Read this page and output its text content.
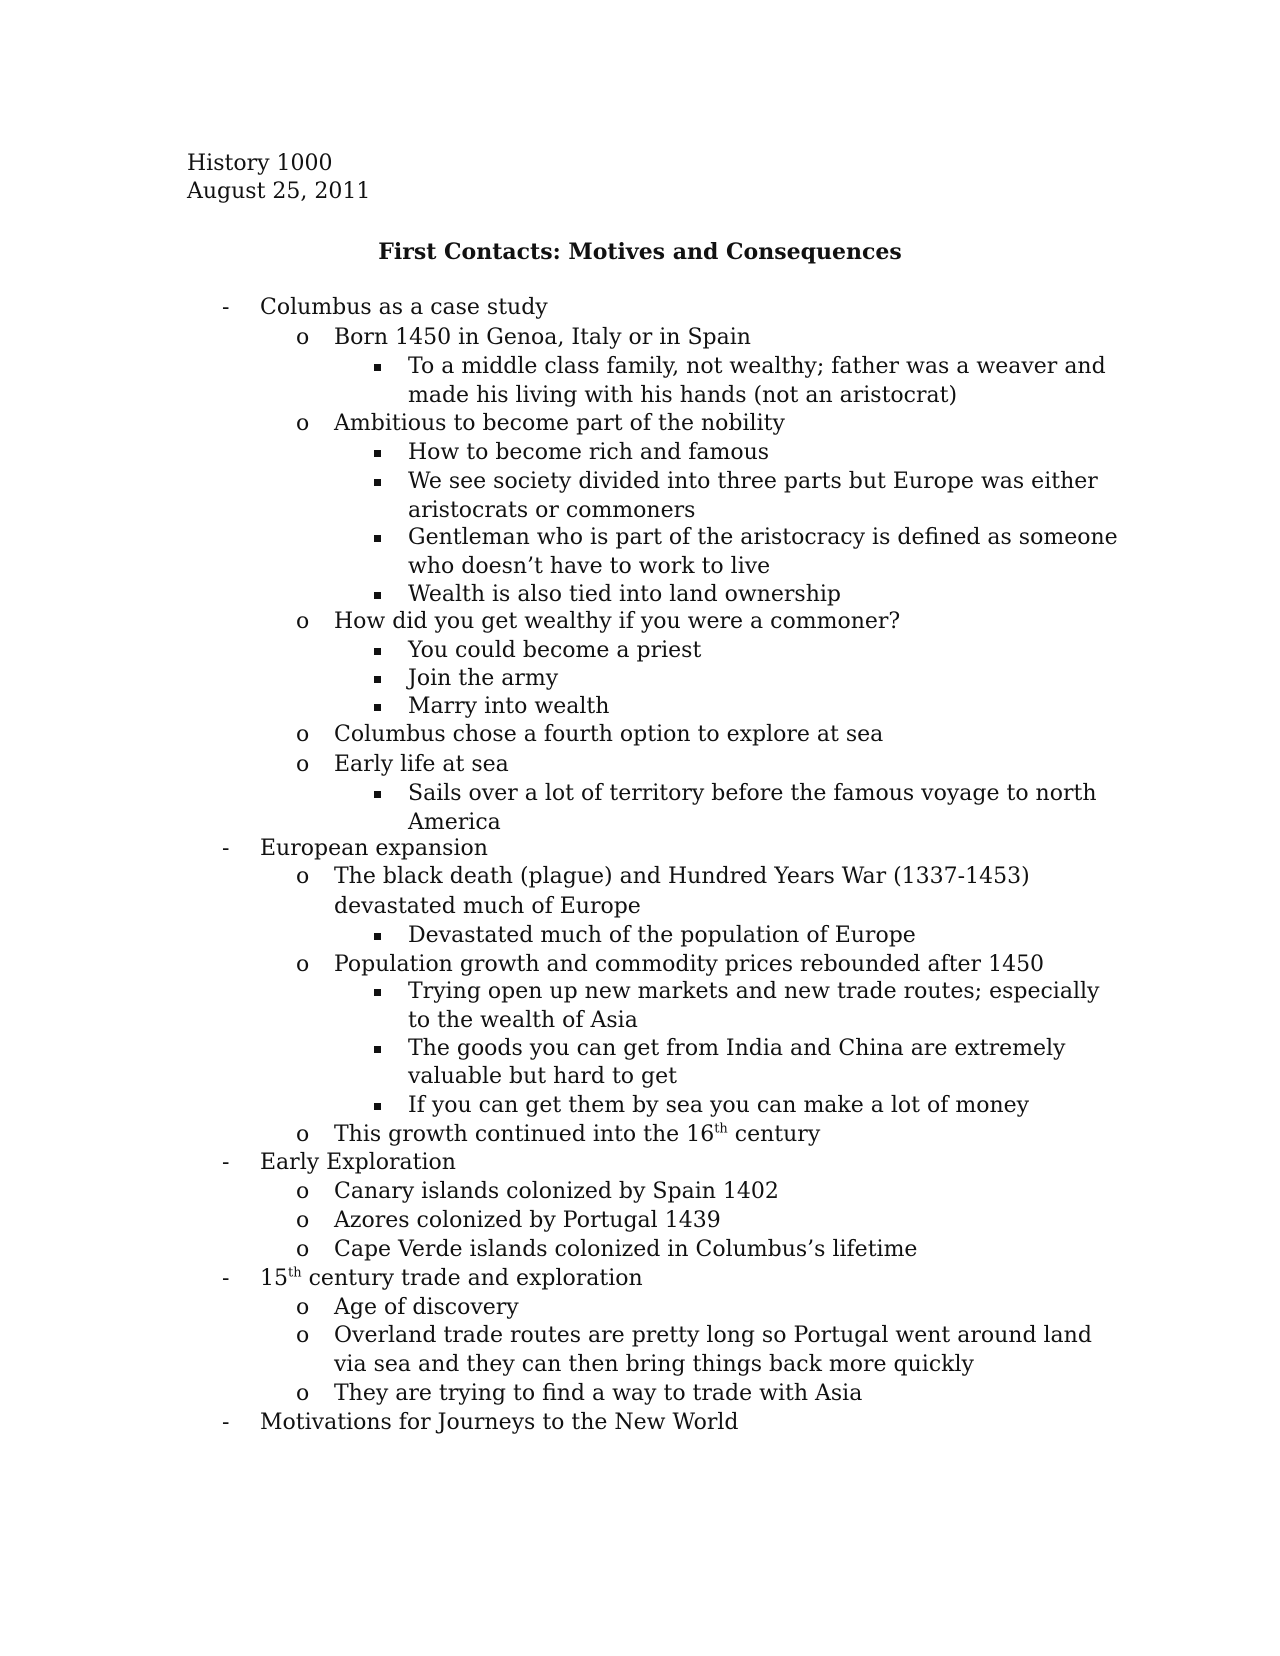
History 1000
August 25, 2011
First Contacts: Motives and Consequences
- Columbus as a case study
o Born 1450 in Genoa, Italy or in Spain
To a middle class family, not wealthy; father was a weaver and
made his living with his hands (not an aristocrat)
o Ambitious to become part of the nobility
How to become rich and famous
We see society divided into three parts but Europe was either
aristocrats or commoners
Gentleman who is part of the aristocracy is defined as someone
who doesn’t have to work to live
Wealth is also tied into land ownership
o How did you get wealthy if you were a commoner?
You could become a priest
Join the army
Marry into wealth
o Columbus chose a fourth option to explore at sea
o Early life at sea
Sails over a lot of territory before the famous voyage to north
America
- European expansion
o The black death (plague) and Hundred Years War (1337-1453)
devastated much of Europe
Devastated much of the population of Europe
o Population growth and commodity prices rebounded after 1450
Trying open up new markets and new trade routes; especially
to the wealth of Asia
The goods you can get from India and China are extremely
valuable but hard to get
If you can get them by sea you can make a lot of money
o This growth continued into the 16th century
- Early Exploration
o Canary islands colonized by Spain 1402
o Azores colonized by Portugal 1439
o Cape Verde islands colonized in Columbus’s lifetime
- 15th century trade and exploration
o Age of discovery
o Overland trade routes are pretty long so Portugal went around land
via sea and they can then bring things back more quickly
o They are trying to find a way to trade with Asia
- Motivations for Journeys to the New World
